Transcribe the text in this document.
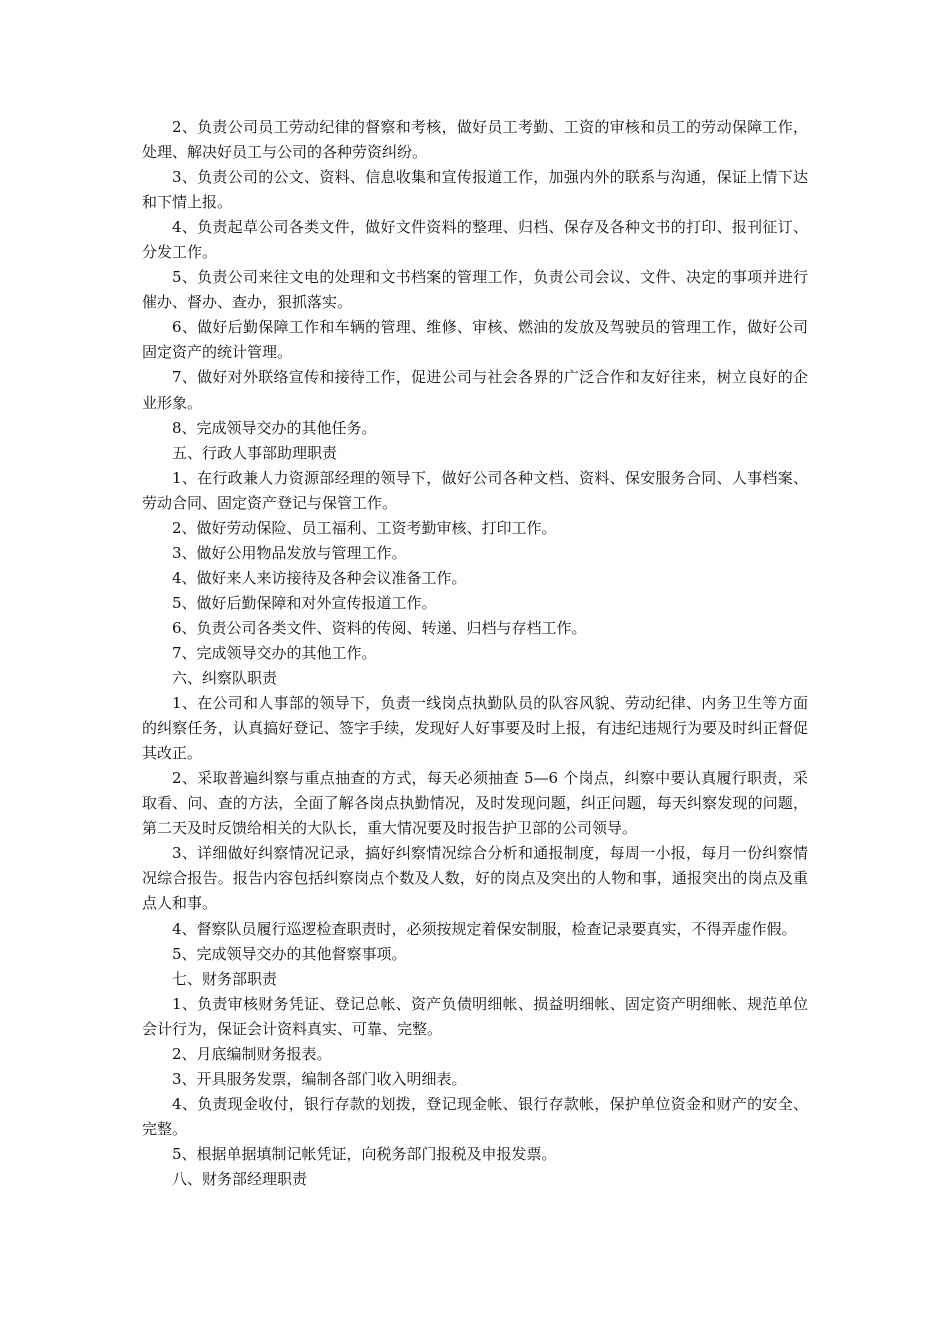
2、负责公司员工劳动纪律的督察和考核，做好员工考勤、工资的审核和员工的劳动保障工作，处理、解决好员工与公司的各种劳资纠纷。

3、负责公司的公文、资料、信息收集和宣传报道工作，加强内外的联系与沟通，保证上情下达和下情上报。

4、负责起草公司各类文件，做好文件资料的整理、归档、保存及各种文书的打印、报刊征订、分发工作。

5、负责公司来往文电的处理和文书档案的管理工作，负责公司会议、文件、决定的事项并进行催办、督办、查办，狠抓落实。

6、做好后勤保障工作和车辆的管理、维修、审核、燃油的发放及驾驶员的管理工作，做好公司固定资产的统计管理。

7、做好对外联络宣传和接待工作，促进公司与社会各界的广泛合作和友好往来，树立良好的企业形象。

8、完成领导交办的其他任务。

五、行政人事部助理职责

1、在行政兼人力资源部经理的领导下，做好公司各种文档、资料、保安服务合同、人事档案、劳动合同、固定资产登记与保管工作。

2、做好劳动保险、员工福利、工资考勤审核、打印工作。

3、做好公用物品发放与管理工作。

4、做好来人来访接待及各种会议准备工作。

5、做好后勤保障和对外宣传报道工作。

6、负责公司各类文件、资料的传阅、转递、归档与存档工作。

7、完成领导交办的其他工作。

六、纠察队职责

1、在公司和人事部的领导下，负责一线岗点执勤队员的队容风貌、劳动纪律、内务卫生等方面的纠察任务，认真搞好登记、签字手续，发现好人好事要及时上报，有违纪违规行为要及时纠正督促其改正。

2、采取普遍纠察与重点抽查的方式，每天必须抽查 5—6 个岗点，纠察中要认真履行职责，采取看、问、查的方法，全面了解各岗点执勤情况，及时发现问题，纠正问题，每天纠察发现的问题，第二天及时反馈给相关的大队长，重大情况要及时报告护卫部的公司领导。

3、详细做好纠察情况记录，搞好纠察情况综合分析和通报制度，每周一小报，每月一份纠察情况综合报告。报告内容包括纠察岗点个数及人数，好的岗点及突出的人物和事，通报突出的岗点及重点人和事。

4、督察队员履行巡逻检查职责时，必须按规定着保安制服，检查记录要真实，不得弄虚作假。

5、完成领导交办的其他督察事项。

七、财务部职责

1、负责审核财务凭证、登记总帐、资产负债明细帐、损益明细帐、固定资产明细帐、规范单位会计行为，保证会计资料真实、可靠、完整。

2、月底编制财务报表。

3、开具服务发票，编制各部门收入明细表。

4、负责现金收付，银行存款的划拨，登记现金帐、银行存款帐，保护单位资金和财产的安全、完整。

5、根据单据填制记帐凭证，向税务部门报税及申报发票。

八、财务部经理职责
